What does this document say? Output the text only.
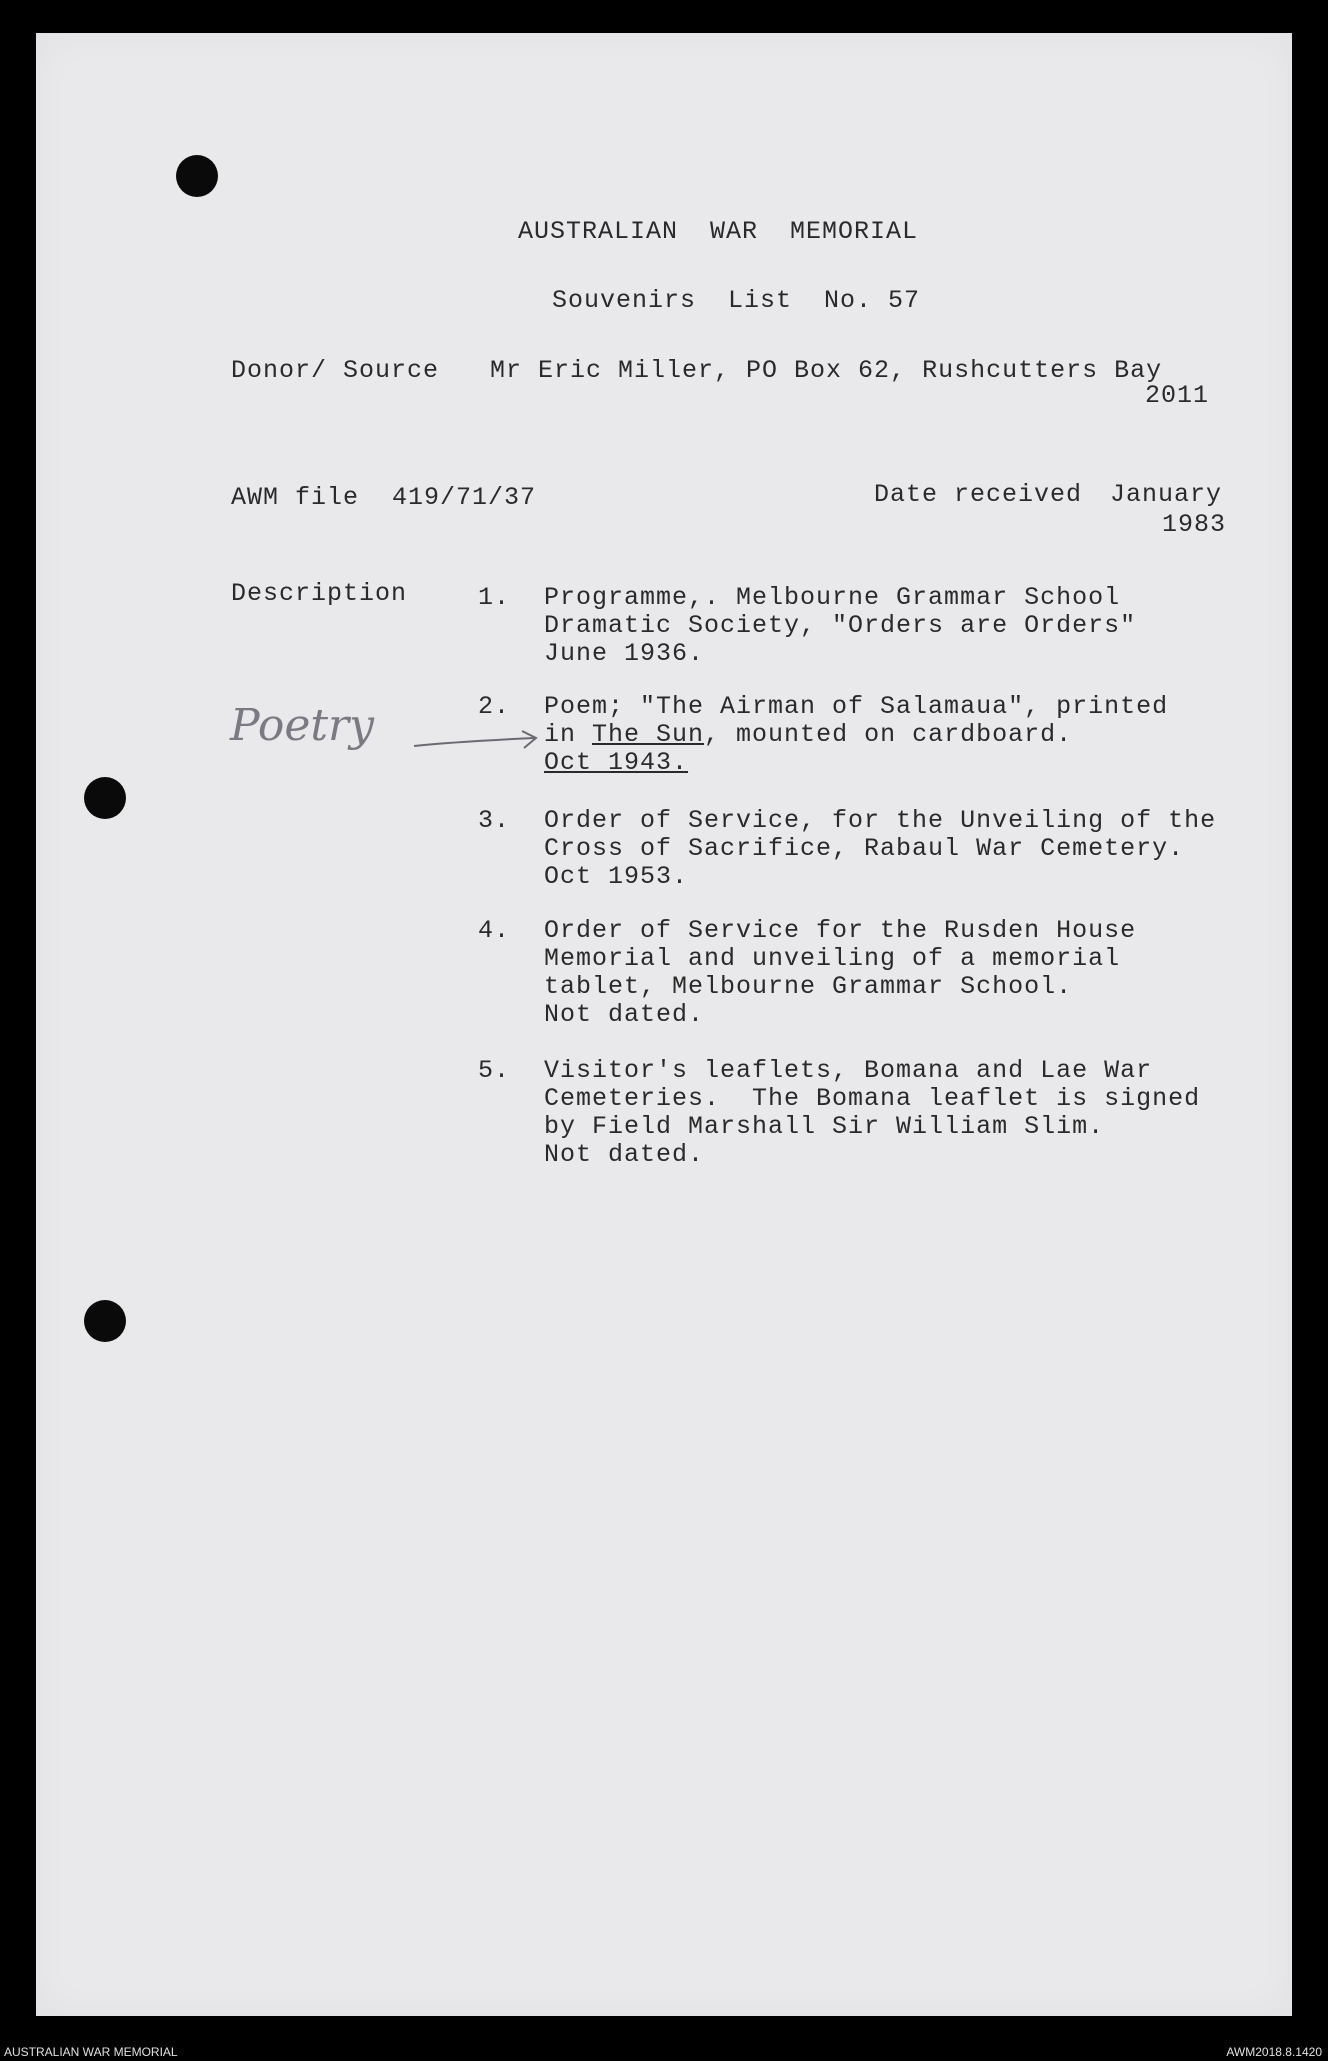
AUSTRALIAN  WAR  MEMORIAL
Souvenirs  List  No. 57
Donor/ Source Mr Eric Miller, PO Box 62, Rushcutters Bay
2011
AWM file 419/71/37	Date received January
1983
Description
Poetry
1. Programme,. Melbourne Grammar School
Dramatic Society, "Orders are Orders"
June 1936.
2. Poem; "The Airman of Salamaua", printed
in The Sun, mounted on cardboard.
Oct 1943.
3. Order of Service, for the Unveiling of the
Cross of Sacrifice, Rabaul War Cemetery.
Oct 1953.
4. Order of Service for the Rusden House
Memorial and unveiling of a memorial
tablet, Melbourne Grammar School.
Not dated.
5. Visitor's leaflets, Bomana and Lae War
Cemeteries.  The Bomana leaflet is signed
by Field Marshall Sir William Slim.
Not dated.
AUSTRALIAN WAR MEMORIAL	AWM2018.8.1420
